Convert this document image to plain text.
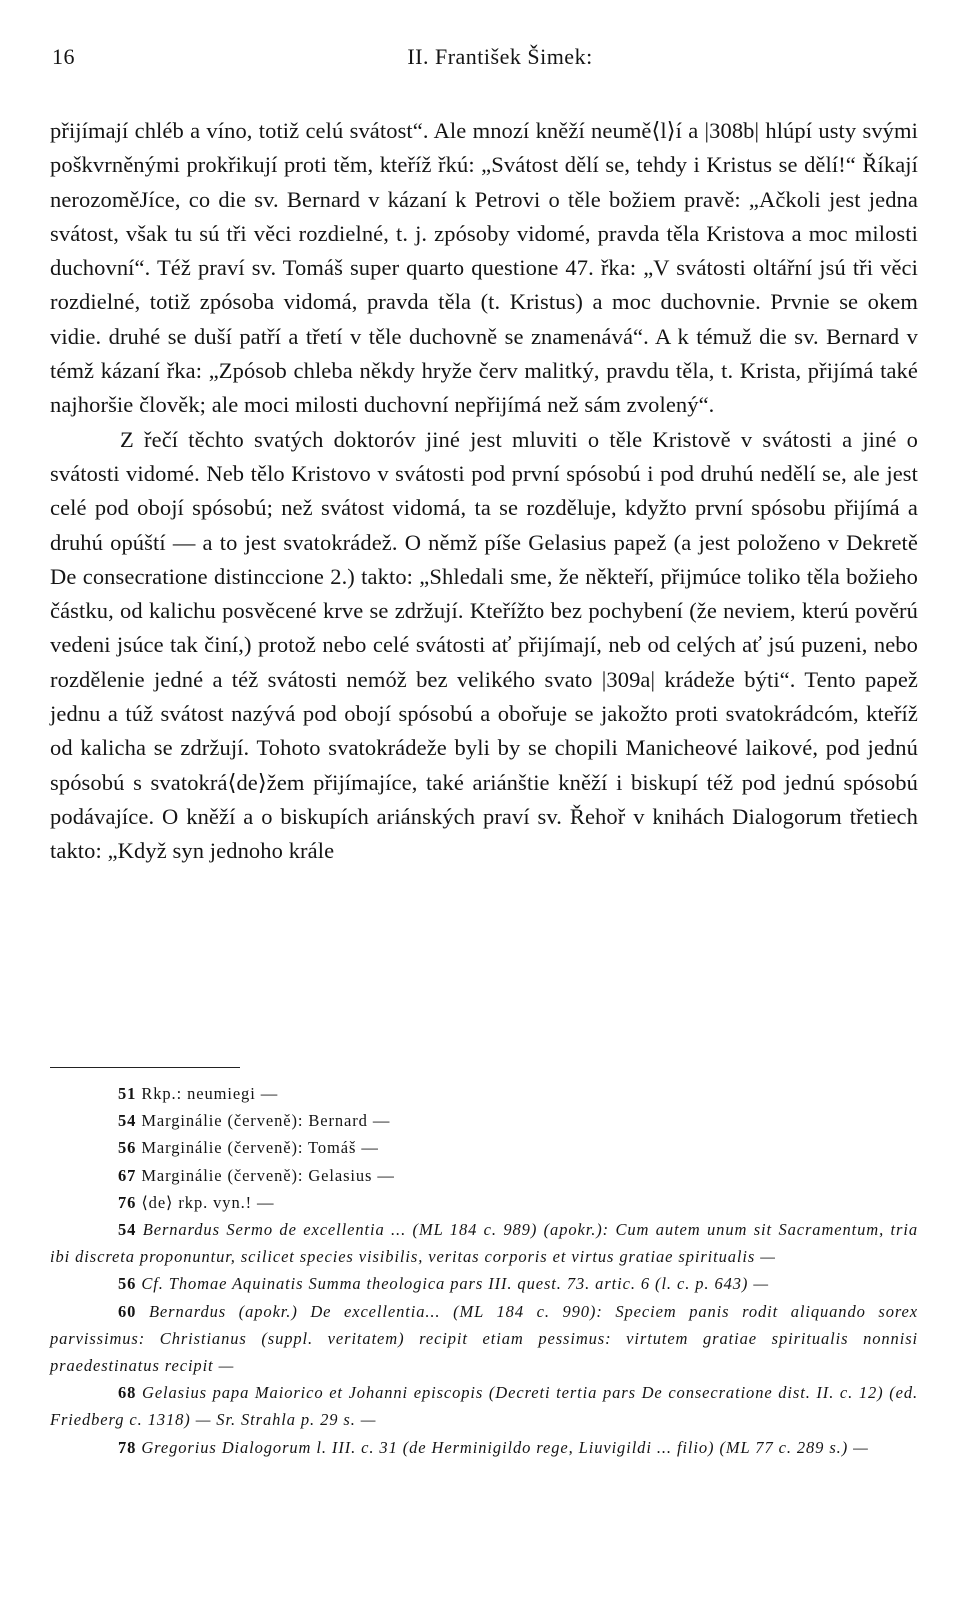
16	II. František Šimek:

přijímají chléb a víno, totiž celú svátost“. Ale mnozí kněží neumě⟨l⟩í a |308b| hlúpí usty svými poškvrněnými prokřikují proti těm, kteříž řkú: „Svátost dělí se, tehdy i Kristus se dělí!“ Říkají nerozoměJíce, co die sv. Bernard v kázaní k Petrovi o těle božiem pravě: „Ačkoli jest jedna svátost, však tu sú tři věci rozdielné, t. j. zpósoby vidomé, pravda těla Kristova a moc milosti duchovní“. Též praví sv. Tomáš super quarto questione 47. řka: „V svátosti oltářní jsú tři věci rozdielné, totiž zpósoba vidomá, pravda těla (t. Kristus) a moc duchovnie. Prvnie se okem vidie. druhé se duší patří a třetí v těle duchovně se znamenává“. A k témuž die sv. Bernard v témž kázaní řka: „Zpósob chleba někdy hryže červ malitký, pravdu těla, t. Krista, přijímá také najhoršie člověk; ale moci milosti duchovní nepřijímá než sám zvolený“.

Z řečí těchto svatých doktoróv jiné jest mluviti o těle Kristově v svátosti a jiné o svátosti vidomé. Neb tělo Kristovo v svátosti pod první spósobú i pod druhú nedělí se, ale jest celé pod obojí spósobú; než svátost vidomá, ta se rozděluje, kdyžto první spósobu přijímá a druhú opúští — a to jest svatokrádež. O němž píše Gelasius papež (a jest položeno v Dekretě De consecratione distinccione 2.) takto: „Shledali sme, že někteří, přijmúce toliko těla božieho částku, od kalichu posvěcené krve se zdržují. Kteřížto bez pochybení (že neviem, kterú pověrú vedeni jsúce tak činí,) protož nebo celé svátosti ať přijímají, neb od celých ať jsú puzeni, nebo rozdělenie jedné a též svátosti nemóž bez velikého svato |309a| krádeže býti“. Tento papež jednu a túž svátost nazývá pod obojí spósobú a obořuje se jakožto proti svatokrádcóm, kteříž od kalicha se zdržují. Tohoto svatokrádeže byli by se chopili Manicheové laikové, pod jednú spósobú s svatokrá⟨de⟩žem přijímajíce, také ariánštie kněží i biskupí též pod jednú spósobú podávajíce. O kněží a o biskupích ariánských praví sv. Řehoř v knihách Dialogorum třetiech takto: „Když syn jednoho krále

51 Rkp.: neumiegi —
54 Marginálie (červeně): Bernard —
56 Marginálie (červeně): Tomáš —
67 Marginálie (červeně): Gelasius —
76 ⟨de⟩ rkp. vyn.! —
54 Bernardus Sermo de excellentia ... (ML 184 c. 989) (apokr.): Cum autem unum sit Sacramentum, tria ibi discreta proponuntur, scilicet species visibilis, veritas corporis et virtus gratiae spiritualis —
56 Cf. Thomae Aquinatis Summa theologica pars III. quest. 73. artic. 6 (l. c. p. 643) —
60 Bernardus (apokr.) De excellentia... (ML 184 c. 990): Speciem panis rodit aliquando sorex parvissimus: Christianus (suppl. veritatem) recipit etiam pessimus: virtutem gratiae spiritualis nonnisi praedestinatus recipit —
68 Gelasius papa Maiorico et Johanni episcopis (Decreti tertia pars De consecratione dist. II. c. 12) (ed. Friedberg c. 1318) — Sr. Strahla p. 29 s. —
78 Gregorius Dialogorum l. III. c. 31 (de Herminigildo rege, Liuvigildi ... filio) (ML 77 c. 289 s.) —
